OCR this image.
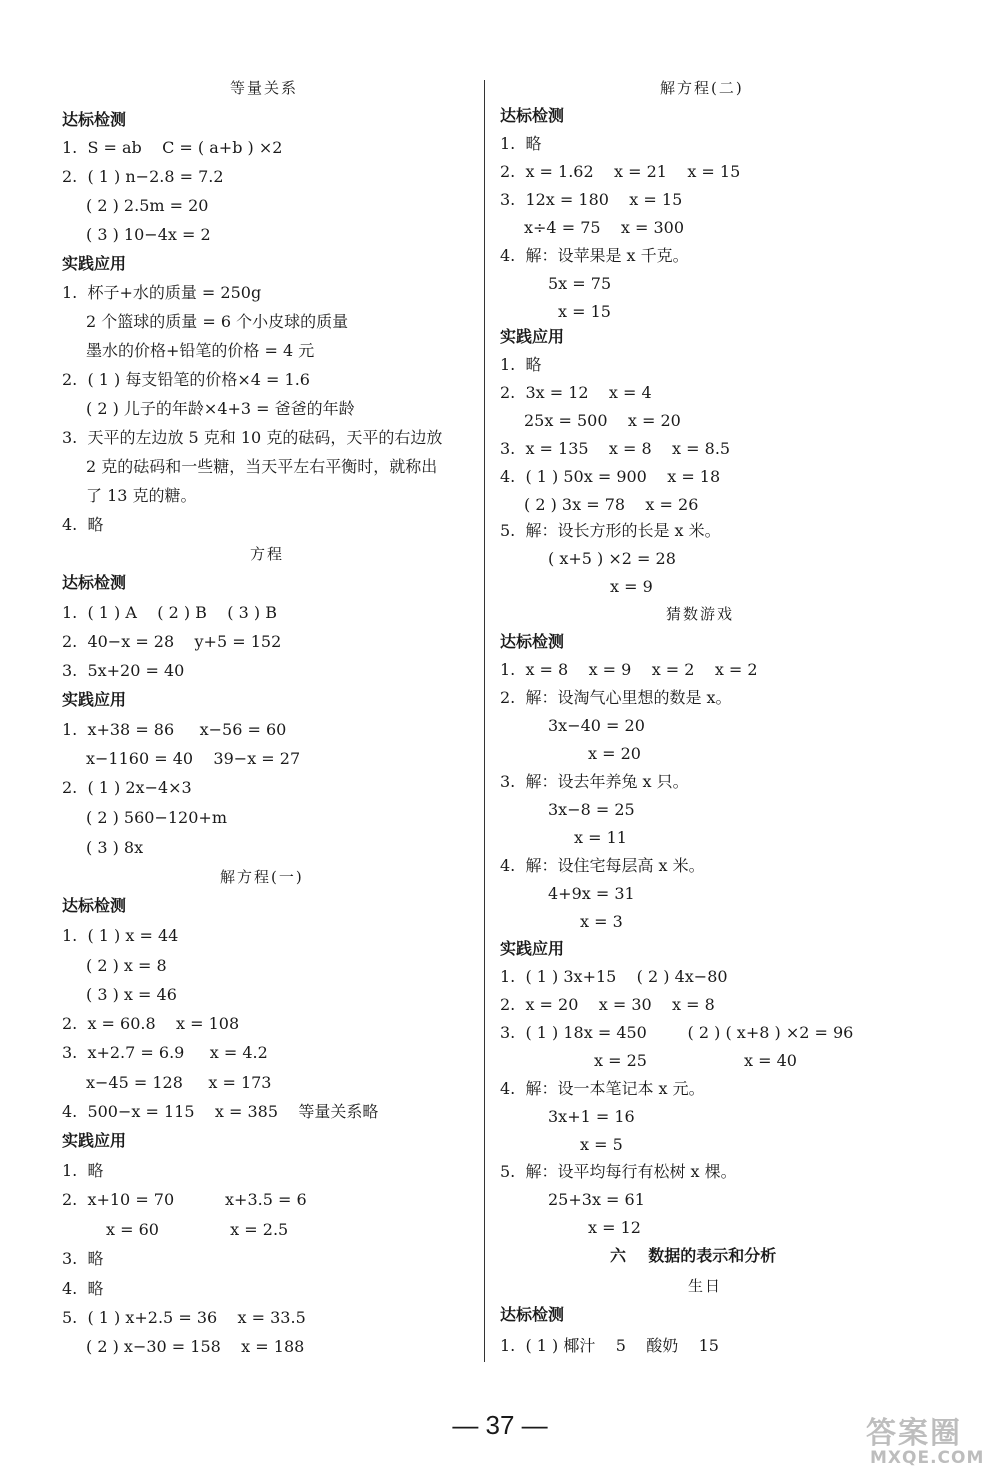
等量关系
达标检测
1.  S = ab    C = ( a+b ) ×2
2.  ( 1 ) n−2.8 = 7.2
( 2 ) 2.5m = 20
( 3 ) 10−4x = 2
实践应用
1.  杯子+水的质量 = 250g
2 个篮球的质量 = 6 个小皮球的质量
墨水的价格+铅笔的价格 = 4 元
2.  ( 1 ) 每支铅笔的价格×4 = 1.6
( 2 ) 儿子的年龄×4+3 = 爸爸的年龄
3.  天平的左边放 5 克和 10 克的砝码，天平的右边放
2 克的砝码和一些糖，当天平左右平衡时，就称出
了 13 克的糖。
4.  略
方程
达标检测
1.  ( 1 ) A    ( 2 ) B    ( 3 ) B
2.  40−x = 28    y+5 = 152
3.  5x+20 = 40
实践应用
1.  x+38 = 86     x−56 = 60
x−1160 = 40    39−x = 27
2.  ( 1 ) 2x−4×3
( 2 ) 560−120+m
( 3 ) 8x
解方程(一)
达标检测
1.  ( 1 ) x = 44
( 2 ) x = 8
( 3 ) x = 46
2.  x = 60.8    x = 108
3.  x+2.7 = 6.9     x = 4.2
x−45 = 128     x = 173
4.  500−x = 115    x = 385    等量关系略
实践应用
1.  略
2.  x+10 = 70          x+3.5 = 6
x = 60              x = 2.5
3.  略
4.  略
5.  ( 1 ) x+2.5 = 36    x = 33.5
( 2 ) x−30 = 158    x = 188
解方程(二)
达标检测
1.  略
2.  x = 1.62    x = 21    x = 15
3.  12x = 180    x = 15
x÷4 = 75    x = 300
4.  解：设苹果是 x 千克。
5x = 75
x = 15
实践应用
1.  略
2.  3x = 12    x = 4
25x = 500    x = 20
3.  x = 135    x = 8    x = 8.5
4.  ( 1 ) 50x = 900    x = 18
( 2 ) 3x = 78    x = 26
5.  解：设长方形的长是 x 米。
( x+5 ) ×2 = 28
x = 9
猜数游戏
达标检测
1.  x = 8    x = 9    x = 2    x = 2
2.  解：设淘气心里想的数是 x。
3x−40 = 20
x = 20
3.  解：设去年养兔 x 只。
3x−8 = 25
x = 11
4.  解：设住宅每层高 x 米。
4+9x = 31
x = 3
实践应用
1.  ( 1 ) 3x+15    ( 2 ) 4x−80
2.  x = 20    x = 30    x = 8
3.  ( 1 ) 18x = 450        ( 2 ) ( x+8 ) ×2 = 96
x = 25	x = 40
4.  解：设一本笔记本 x 元。
3x+1 = 16
x = 5
5.  解：设平均每行有松树 x 棵。
25+3x = 61
x = 12
六    数据的表示和分析
生日
达标检测
1.  ( 1 ) 椰汁    5    酸奶    15
— 37 —	答案圈
MXQE.COM
